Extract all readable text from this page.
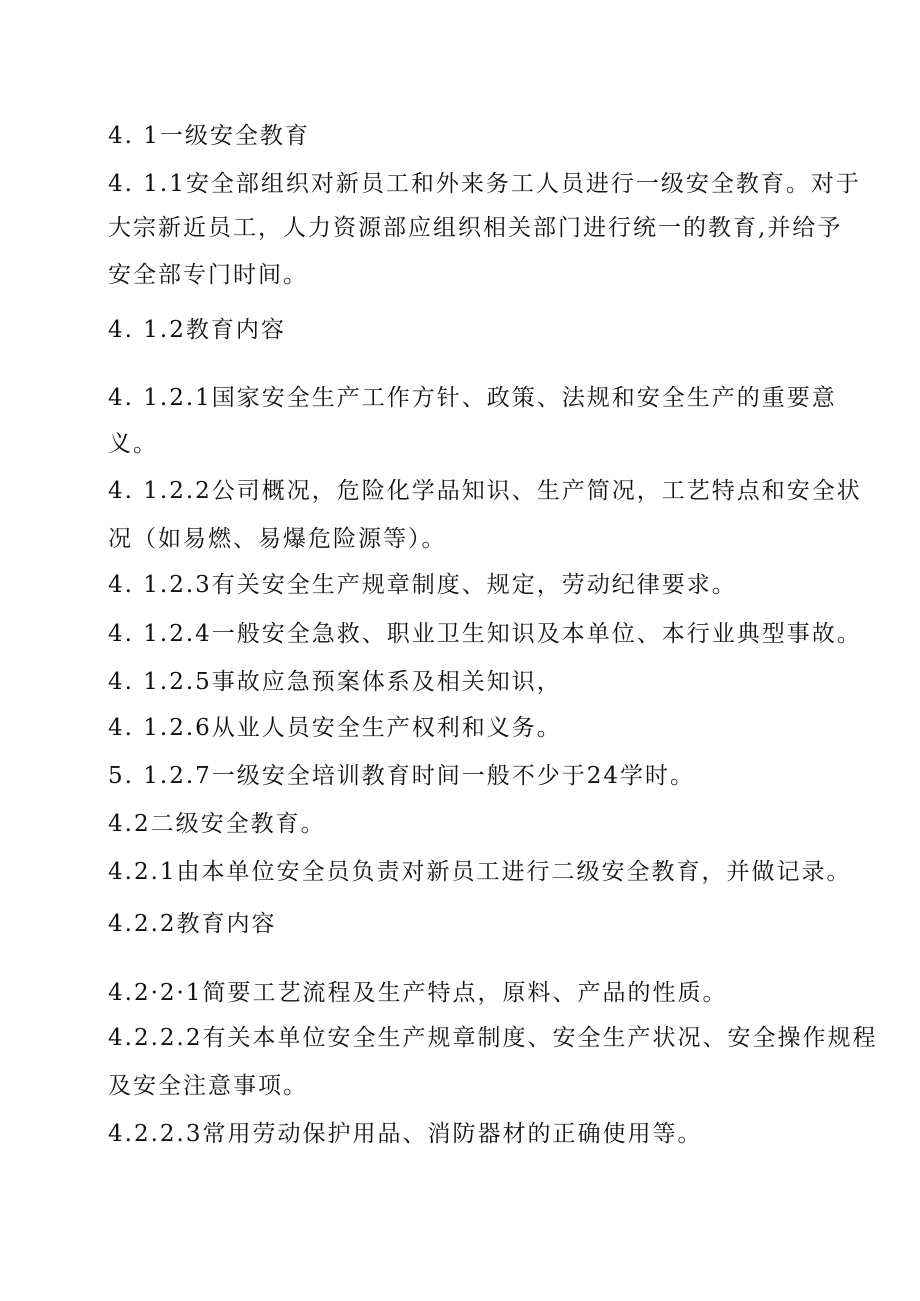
4. 1一级安全教育

4. 1.1安全部组织对新员工和外来务工人员进行一级安全教育。对于

大宗新近员工，人力资源部应组织相关部门进行统一的教育,并给予

安全部专门时间。

4. 1.2教育内容

4. 1.2.1国家安全生产工作方针、政策、法规和安全生产的重要意

义。

4. 1.2.2公司概况，危险化学品知识、生产简况，工艺特点和安全状

况（如易燃、易爆危险源等）。

4. 1.2.3有关安全生产规章制度、规定，劳动纪律要求。

4. 1.2.4一般安全急救、职业卫生知识及本单位、本行业典型事故。

4. 1.2.5事故应急预案体系及相关知识，

4. 1.2.6从业人员安全生产权利和义务。

5. 1.2.7一级安全培训教育时间一般不少于24学时。

4.2二级安全教育。

4.2.1由本单位安全员负责对新员工进行二级安全教育，并做记录。

4.2.2教育内容

4.2·2·1简要工艺流程及生产特点，原料、产品的性质。

4.2.2.2有关本单位安全生产规章制度、安全生产状况、安全操作规程

及安全注意事项。

4.2.2.3常用劳动保护用品、消防器材的正确使用等。
